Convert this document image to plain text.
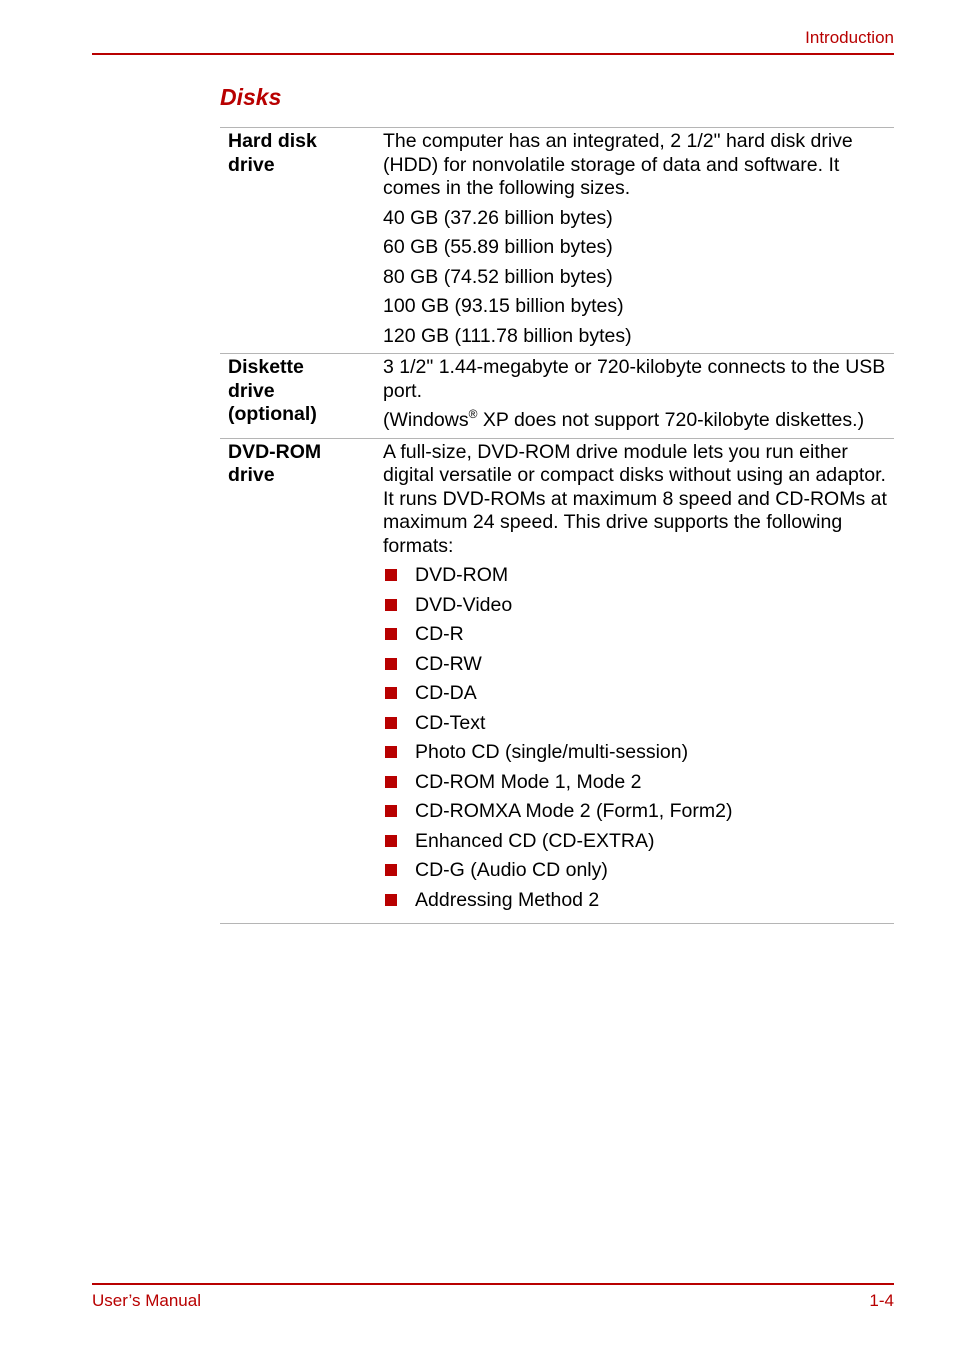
Introduction
Disks
Hard disk
drive

The computer has an integrated, 2 1/2" hard disk drive (HDD) for nonvolatile storage of data and software. It comes in the following sizes.

40 GB (37.26 billion bytes)

60 GB (55.89 billion bytes)

80 GB (74.52 billion bytes)

100 GB (93.15 billion bytes)

120 GB (111.78 billion bytes)

Diskette
drive
(optional)

3 1/2" 1.44-megabyte or 720-kilobyte connects to the USB port.

(Windows® XP does not support 720-kilobyte diskettes.)

DVD-ROM
drive

A full-size, DVD-ROM drive module lets you run either digital versatile or compact disks without using an adaptor. It runs DVD-ROMs at maximum 8 speed and CD-ROMs at maximum 24 speed. This drive supports the following formats:

DVD-ROM
DVD-Video
CD-R
CD-RW
CD-DA
CD-Text
Photo CD (single/multi-session)
CD-ROM Mode 1, Mode 2
CD-ROMXA Mode 2 (Form1, Form2)
Enhanced CD (CD-EXTRA)
CD-G (Audio CD only)
Addressing Method 2
User’s Manual	1-4
